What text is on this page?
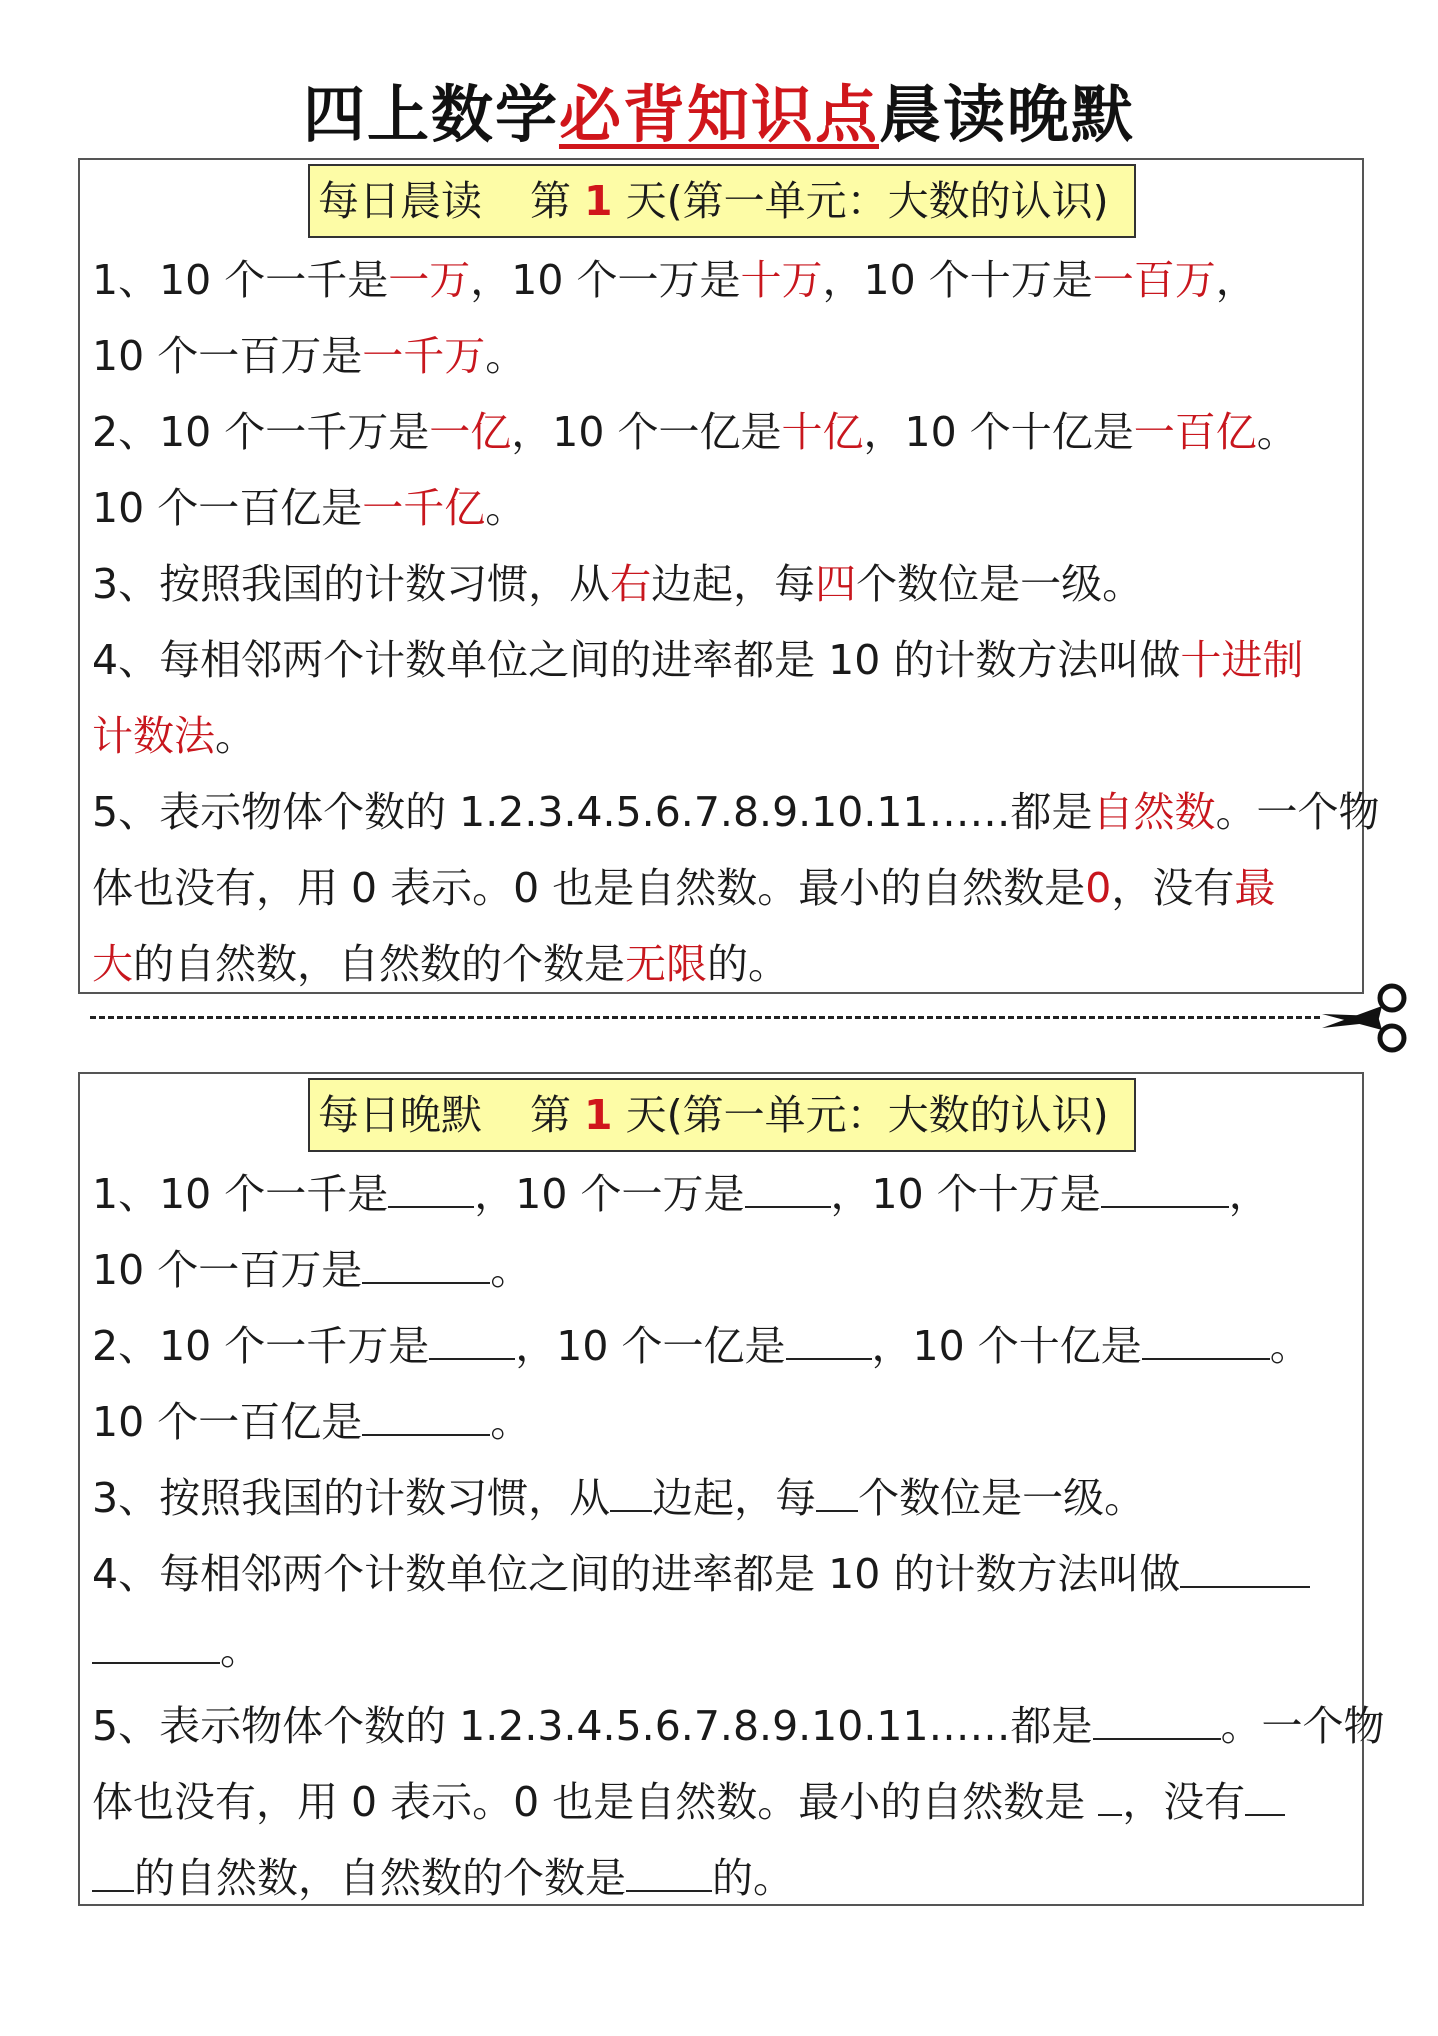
四上数学必背知识点晨读晚默
每日晨读 第 1 天(第一单元：大数的认识)
1、10 个一千是一万，10 个一万是十万，10 个十万是一百万，
10 个一百万是一千万。
2、10 个一千万是一亿，10 个一亿是十亿，10 个十亿是一百亿。
10 个一百亿是一千亿。
3、按照我国的计数习惯，从右边起，每四个数位是一级。
4、每相邻两个计数单位之间的进率都是 10 的计数方法叫做十进制
计数法。
5、表示物体个数的 1.2.3.4.5.6.7.8.9.10.11……都是自然数。一个物
体也没有，用 0 表示。0 也是自然数。最小的自然数是0，没有最
大的自然数，自然数的个数是无限的。
每日晚默 第 1 天(第一单元：大数的认识)
1、10 个一千是 ，10 个一万是 ，10 个十万是	，
10 个一百万是	。
2、10 个一千万是 ，10 个一亿是 ，10 个十亿是	。
10 个一百亿是	。
3、按照我国的计数习惯，从 边起，每 个数位是一级。
4、每相邻两个计数单位之间的进率都是 10 的计数方法叫做
。
5、表示物体个数的 1.2.3.4.5.6.7.8.9.10.11……都是	。一个物
体也没有，用 0 表示。0 也是自然数。最小的自然数是 ，没有
的自然数，自然数的个数是 的。
